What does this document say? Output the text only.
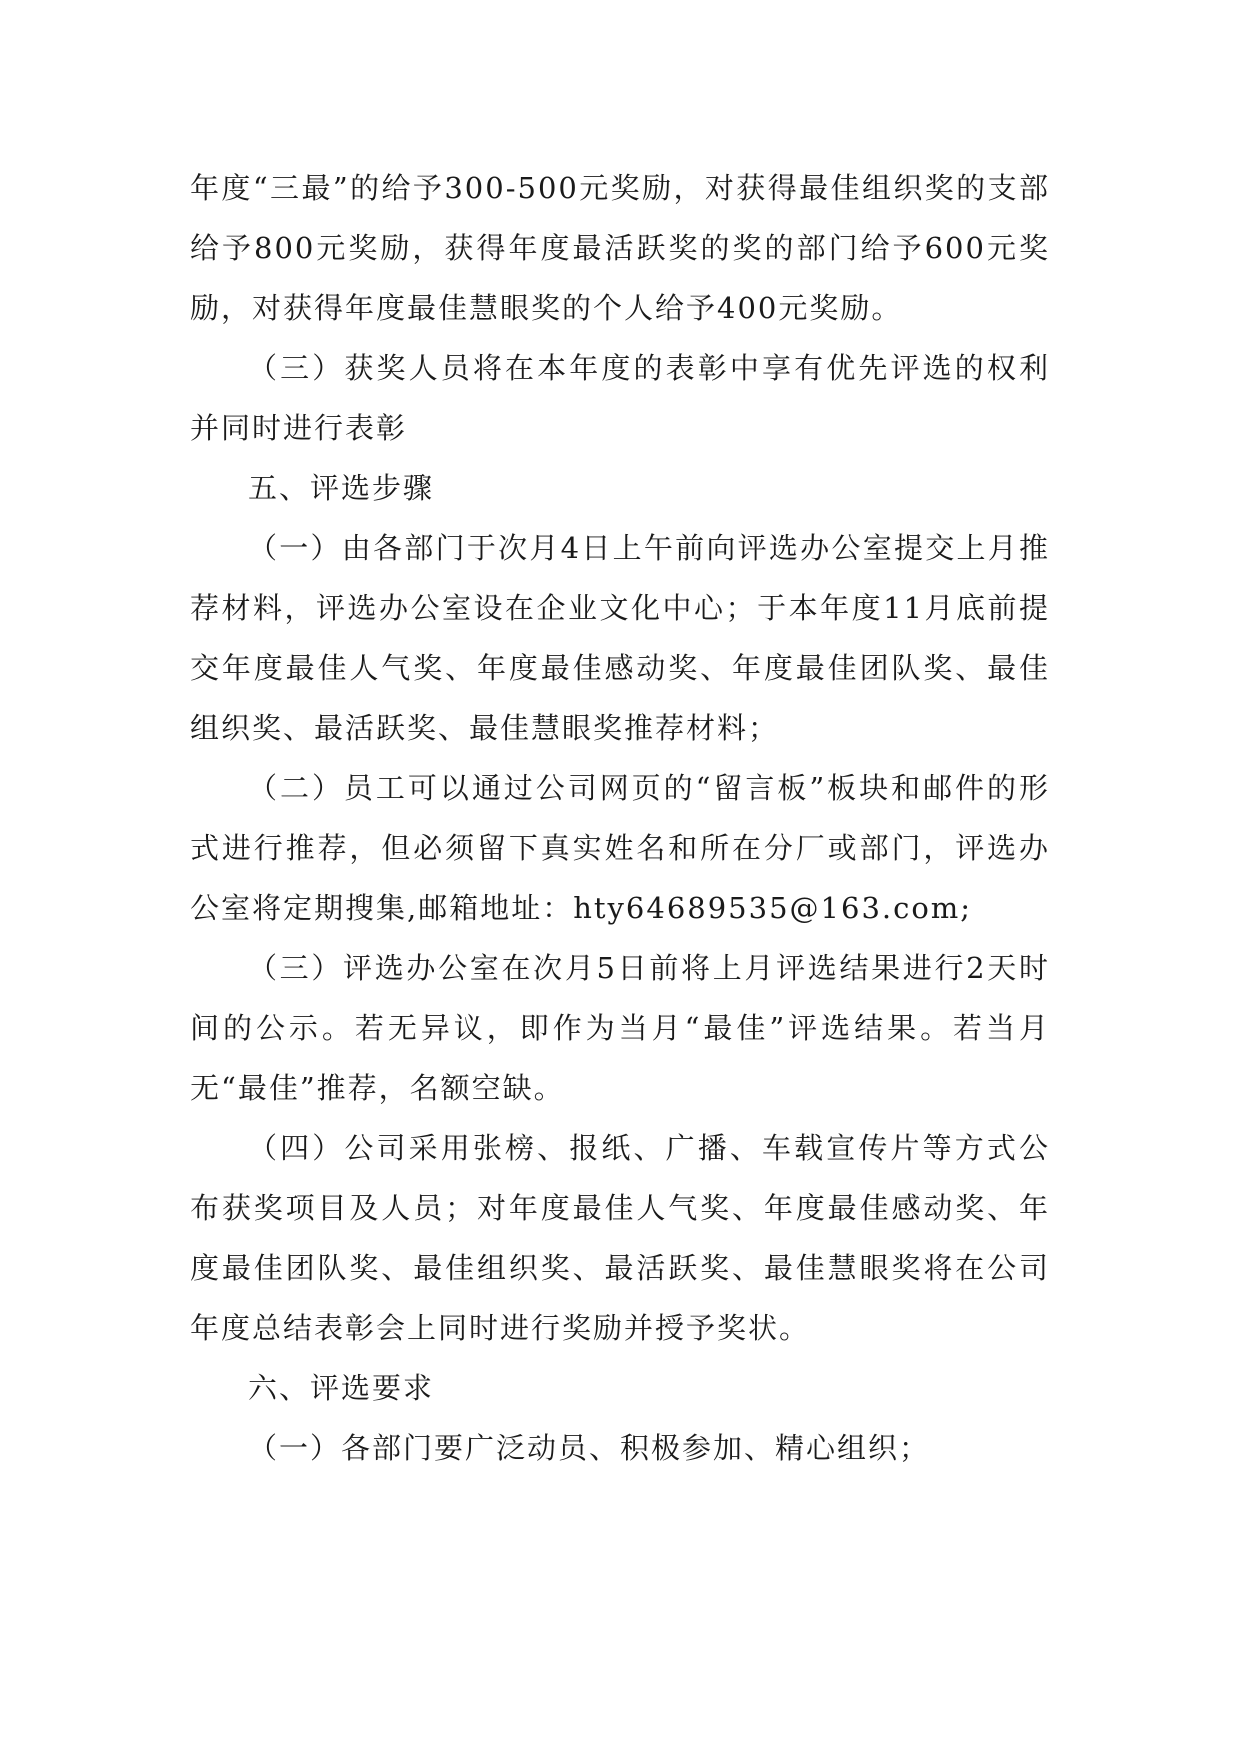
年度“三最”的给予300-500元奖励，对获得最佳组织奖的支部给予800元奖励，获得年度最活跃奖的奖的部门给予600元奖励，对获得年度最佳慧眼奖的个人给予400元奖励。

（三）获奖人员将在本年度的表彰中享有优先评选的权利并同时进行表彰

五、评选步骤

（一）由各部门于次月4日上午前向评选办公室提交上月推荐材料，评选办公室设在企业文化中心；于本年度11月底前提交年度最佳人气奖、年度最佳感动奖、年度最佳团队奖、最佳组织奖、最活跃奖、最佳慧眼奖推荐材料；

（二）员工可以通过公司网页的“留言板”板块和邮件的形式进行推荐，但必须留下真实姓名和所在分厂或部门，评选办公室将定期搜集,邮箱地址：hty64689535@163.com;

（三）评选办公室在次月5日前将上月评选结果进行2天时间的公示。若无异议，即作为当月“最佳”评选结果。若当月无“最佳”推荐，名额空缺。

（四）公司采用张榜、报纸、广播、车载宣传片等方式公布获奖项目及人员；对年度最佳人气奖、年度最佳感动奖、年度最佳团队奖、最佳组织奖、最活跃奖、最佳慧眼奖将在公司年度总结表彰会上同时进行奖励并授予奖状。

六、评选要求

（一）各部门要广泛动员、积极参加、精心组织；
